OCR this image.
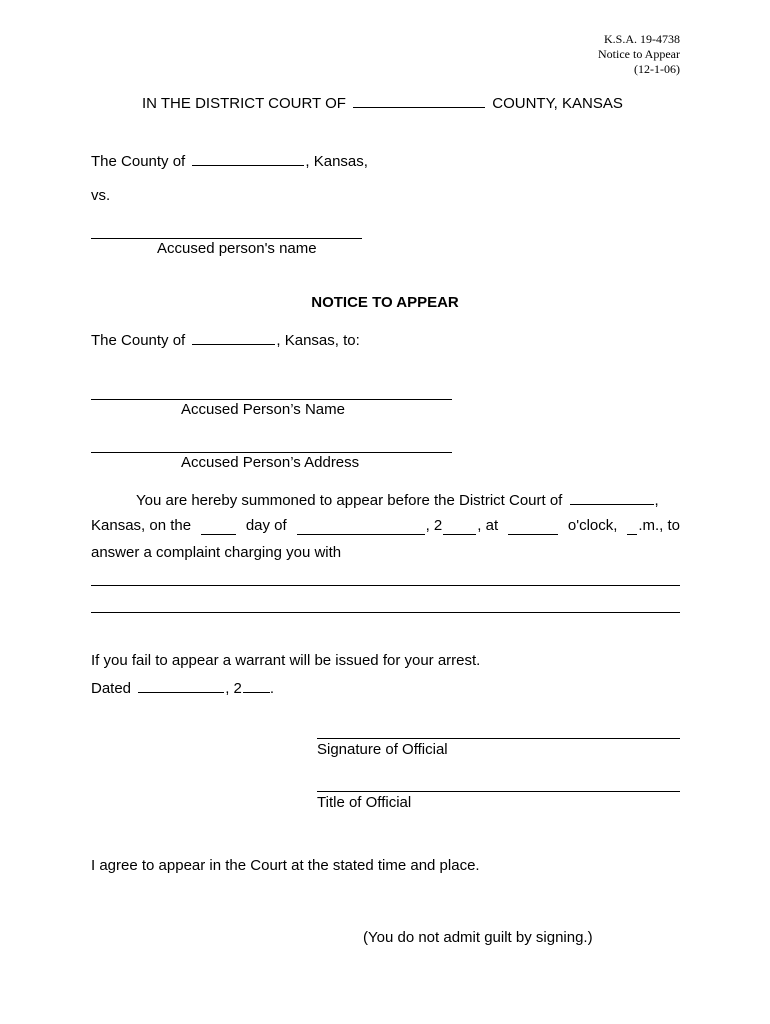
K.S.A. 19-4738
Notice to Appear
(12-1-06)
IN THE DISTRICT COURT OF	COUNTY, KANSAS
The County of	, Kansas,
vs.
Accused person's name
NOTICE TO APPEAR
The County of	, Kansas, to:
Accused Person’s Name
Accused Person’s Address
You are hereby summoned to appear before the District Court of	,
Kansas, on the	day of	, 2 , at	o'clock, .m., to
answer a complaint charging you with
If you fail to appear a warrant will be issued for your arrest.
Dated	, 2 .
Signature of Official
Title of Official
I agree to appear in the Court at the stated time and place.
(You do not admit guilt by signing.)
